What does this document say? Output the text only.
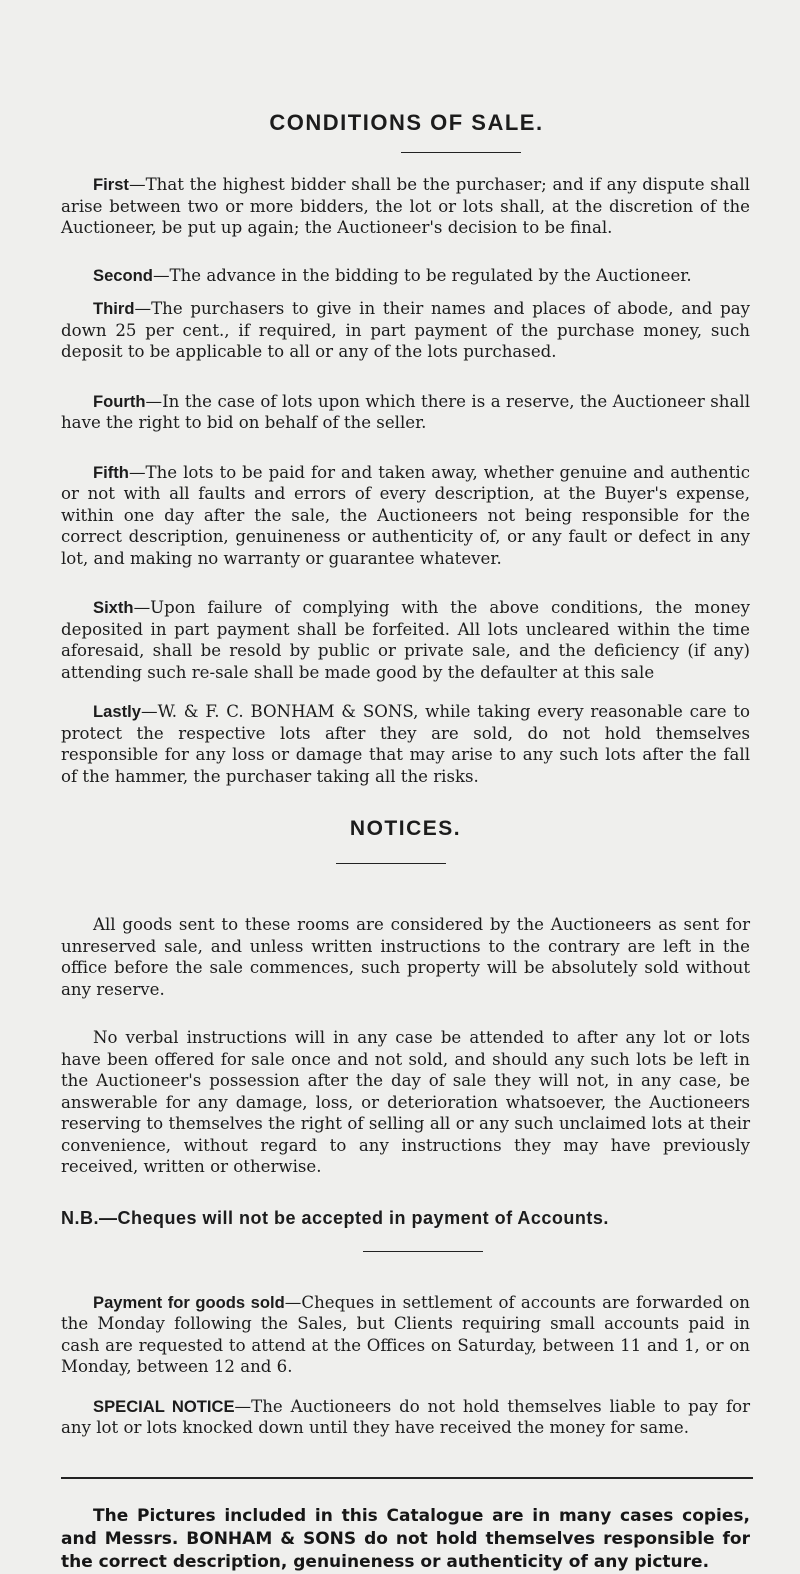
CONDITIONS OF SALE.

First—That the highest bidder shall be the purchaser; and if any dispute shall arise between two or more bidders, the lot or lots shall, at the discretion of the Auctioneer, be put up again; the Auctioneer's decision to be final.

Second—The advance in the bidding to be regulated by the Auctioneer.

Third—The purchasers to give in their names and places of abode, and pay down 25 per cent., if required, in part payment of the purchase money, such deposit to be applicable to all or any of the lots purchased.

Fourth—In the case of lots upon which there is a reserve, the Auctioneer shall have the right to bid on behalf of the seller.

Fifth—The lots to be paid for and taken away, whether genuine and authentic or not with all faults and errors of every description, at the Buyer's expense, within one day after the sale, the Auctioneers not being responsible for the correct description, genuineness or authenticity of, or any fault or defect in any lot, and making no warranty or guarantee whatever.

Sixth—Upon failure of complying with the above conditions, the money deposited in part payment shall be forfeited. All lots uncleared within the time aforesaid, shall be resold by public or private sale, and the deficiency (if any) attending such re-sale shall be made good by the defaulter at this sale

Lastly—W. & F. C. BONHAM & SONS, while taking every reasonable care to protect the respective lots after they are sold, do not hold themselves responsible for any loss or damage that may arise to any such lots after the fall of the hammer, the purchaser taking all the risks.

NOTICES.

All goods sent to these rooms are considered by the Auctioneers as sent for unreserved sale, and unless written instructions to the contrary are left in the office before the sale commences, such property will be absolutely sold without any reserve.

No verbal instructions will in any case be attended to after any lot or lots have been offered for sale once and not sold, and should any such lots be left in the Auctioneer's possession after the day of sale they will not, in any case, be answerable for any damage, loss, or deterioration whatsoever, the Auctioneers reserving to themselves the right of selling all or any such unclaimed lots at their convenience, without regard to any instructions they may have previously received, written or otherwise.

N.B.—Cheques will not be accepted in payment of Accounts.

Payment for goods sold—Cheques in settlement of accounts are forwarded on the Monday following the Sales, but Clients requiring small accounts paid in cash are requested to attend at the Offices on Saturday, between 11 and 1, or on Monday, between 12 and 6.

SPECIAL NOTICE—The Auctioneers do not hold themselves liable to pay for any lot or lots knocked down until they have received the money for same.

The Pictures included in this Catalogue are in many cases copies, and Messrs. BONHAM & SONS do not hold themselves responsible for the correct description, genuineness or authenticity of any picture.
